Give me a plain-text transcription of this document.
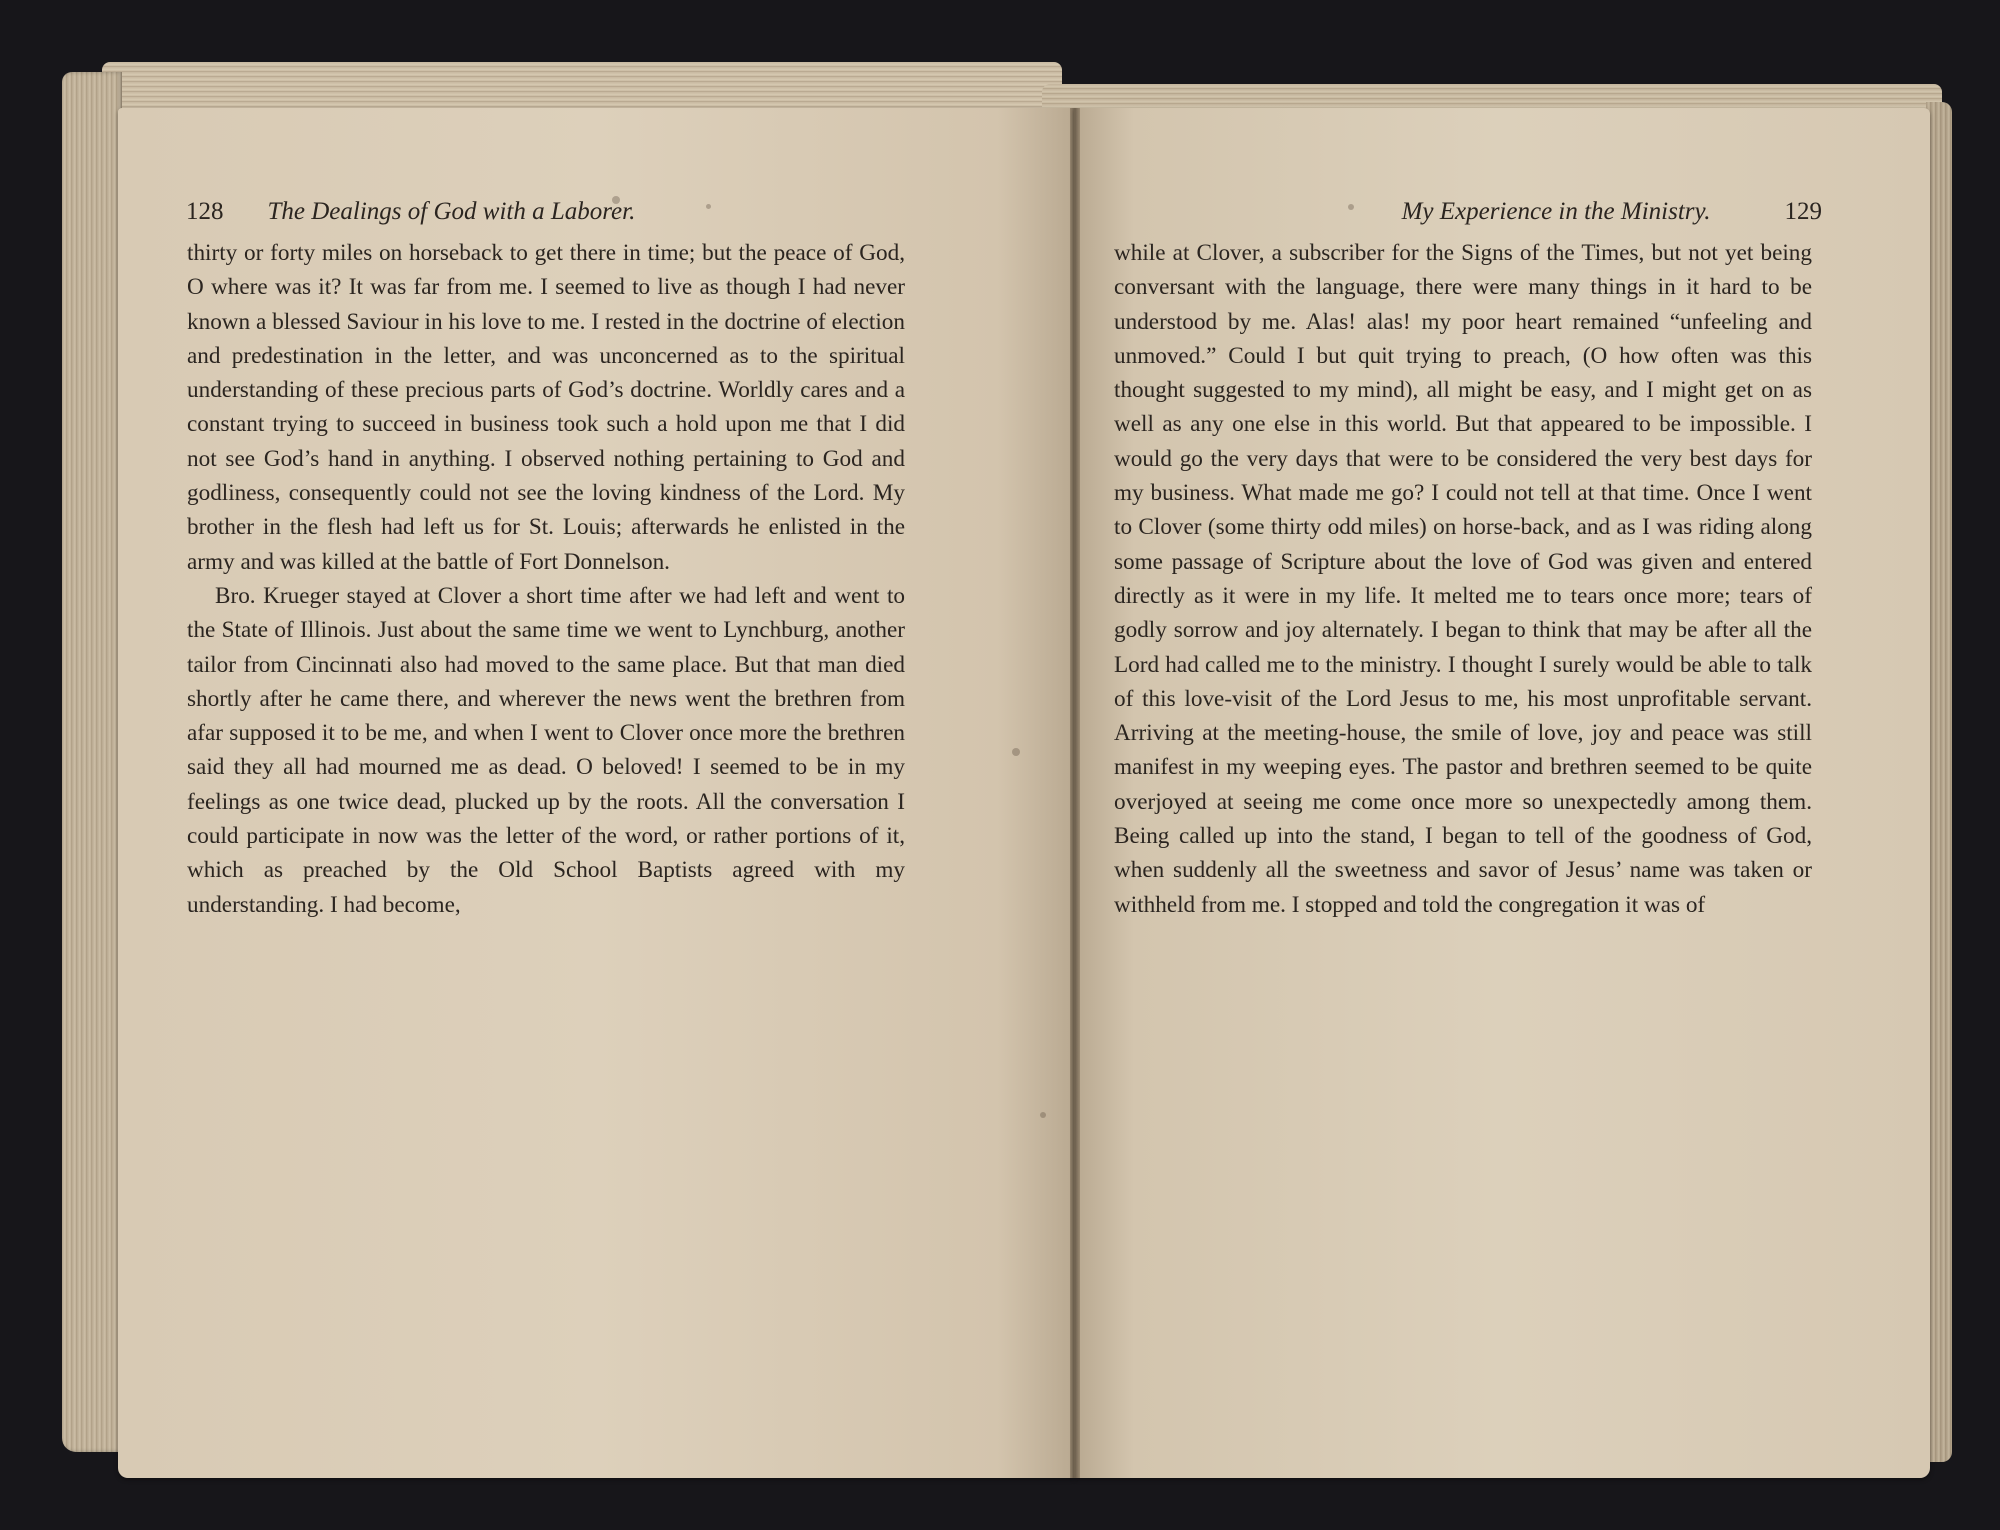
128 The Dealings of God with a Laborer.	My Experience in the Ministry.	129

thirty or forty miles on horseback to get there in time; but the peace of God, O where was it? It was far from me. I seemed to live as though I had never known a blessed Saviour in his love to me. I rested in the doctrine of election and predestination in the letter, and was unconcerned as to the spiritual understanding of these precious parts of God’s doctrine. Worldly cares and a constant trying to succeed in business took such a hold upon me that I did not see God’s hand in anything. I observed nothing pertaining to God and godliness, consequently could not see the loving kindness of the Lord. My brother in the flesh had left us for St. Louis; afterwards he enlisted in the army and was killed at the battle of Fort Donnelson.

Bro. Krueger stayed at Clover a short time after we had left and went to the State of Illinois. Just about the same time we went to Lynchburg, another tailor from Cincinnati also had moved to the same place. But that man died shortly after he came there, and wherever the news went the brethren from afar supposed it to be me, and when I went to Clover once more the brethren said they all had mourned me as dead. O beloved! I seemed to be in my feelings as one twice dead, plucked up by the roots. All the conversation I could participate in now was the letter of the word, or rather portions of it, which as preached by the Old School Baptists agreed with my understanding. I had become,

while at Clover, a subscriber for the Signs of the Times, but not yet being conversant with the language, there were many things in it hard to be understood by me. Alas! alas! my poor heart remained “unfeeling and unmoved.” Could I but quit trying to preach, (O how often was this thought suggested to my mind), all might be easy, and I might get on as well as any one else in this world. But that appeared to be impossible. I would go the very days that were to be considered the very best days for my business. What made me go? I could not tell at that time. Once I went to Clover (some thirty odd miles) on horse-back, and as I was riding along some passage of Scripture about the love of God was given and entered directly as it were in my life. It melted me to tears once more; tears of godly sorrow and joy alternately. I began to think that may be after all the Lord had called me to the ministry. I thought I surely would be able to talk of this love-visit of the Lord Jesus to me, his most unprofitable servant. Arriving at the meeting-house, the smile of love, joy and peace was still manifest in my weeping eyes. The pastor and brethren seemed to be quite overjoyed at seeing me come once more so unexpectedly among them. Being called up into the stand, I began to tell of the goodness of God, when suddenly all the sweetness and savor of Jesus’ name was taken or withheld from me. I stopped and told the congregation it was of
